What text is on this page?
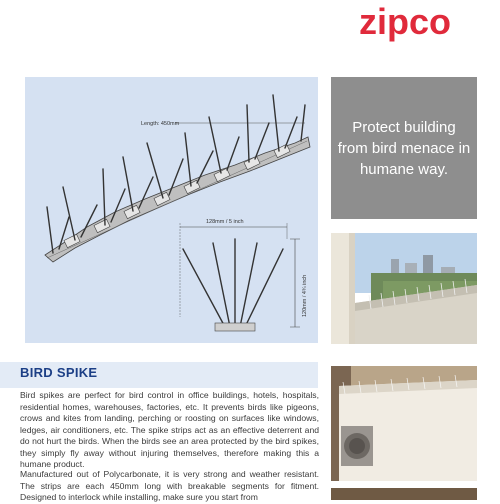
zipco
Length: 450mm
128mm / 5 inch
120mm / 4¾ inch

Protect building from bird menace in humane way.

BIRD SPIKE

Bird spikes are perfect for bird control in office buildings, hotels, hospitals, residential homes, warehouses, factories, etc. It prevents birds like pigeons, crows and kites from landing, perching or roosting on surfaces like windows, ledges, air conditioners, etc. The spike strips act as an effective deterrent and do not hurt the birds. When the birds see an area protected by the bird spikes, they simply fly away without injuring themselves, therefore making this a humane product.

Manufactured out of Polycarbonate, it is very strong and weather resistant. The strips are each 450mm long with breakable segments for fitment. Designed to interlock while installing, make sure you start from
